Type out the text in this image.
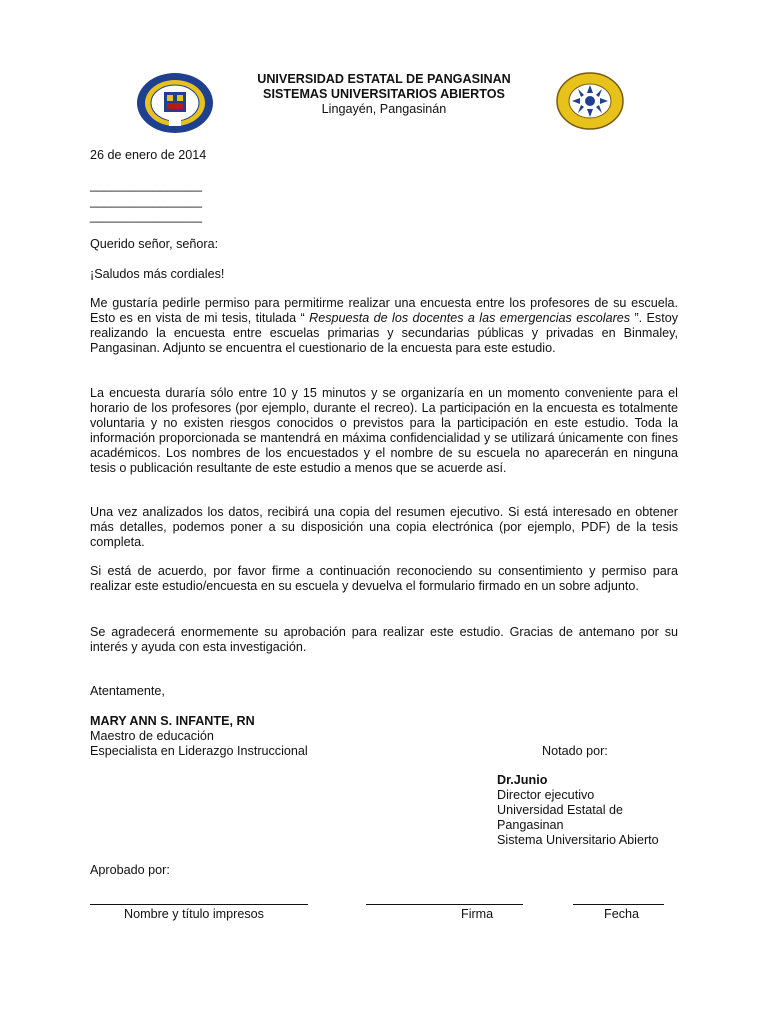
UNIVERSIDAD ESTATAL DE PANGASINAN
SISTEMAS UNIVERSITARIOS ABIERTOS
Lingayén, Pangasinán
26 de enero de 2014
________________
________________
________________
Querido señor, señora:
¡Saludos más cordiales!
Me gustaría pedirle permiso para permitirme realizar una encuesta entre los profesores de su escuela. Esto es en vista de mi tesis, titulada “ Respuesta de los docentes a las emergencias escolares ”. Estoy realizando la encuesta entre escuelas primarias y secundarias públicas y privadas en Binmaley, Pangasinan. Adjunto se encuentra el cuestionario de la encuesta para este estudio.
La encuesta duraría sólo entre 10 y 15 minutos y se organizaría en un momento conveniente para el horario de los profesores (por ejemplo, durante el recreo). La participación en la encuesta es totalmente voluntaria y no existen riesgos conocidos o previstos para la participación en este estudio. Toda la información proporcionada se mantendrá en máxima confidencialidad y se utilizará únicamente con fines académicos. Los nombres de los encuestados y el nombre de su escuela no aparecerán en ninguna tesis o publicación resultante de este estudio a menos que se acuerde así.
Una vez analizados los datos, recibirá una copia del resumen ejecutivo. Si está interesado en obtener más detalles, podemos poner a su disposición una copia electrónica (por ejemplo, PDF) de la tesis completa.
Si está de acuerdo, por favor firme a continuación reconociendo su consentimiento y permiso para realizar este estudio/encuesta en su escuela y devuelva el formulario firmado en un sobre adjunto.
Se agradecerá enormemente su aprobación para realizar este estudio. Gracias de antemano por su interés y ayuda con esta investigación.
Atentamente,
MARY ANN S. INFANTE, RN
Maestro de educación
Especialista en Liderazgo Instruccional	Notado por:
Dr.Junio
Director ejecutivo
Universidad Estatal de
Pangasinan
Sistema Universitario Abierto
Aprobado por:
Nombre y título impresos	Firma	Fecha
